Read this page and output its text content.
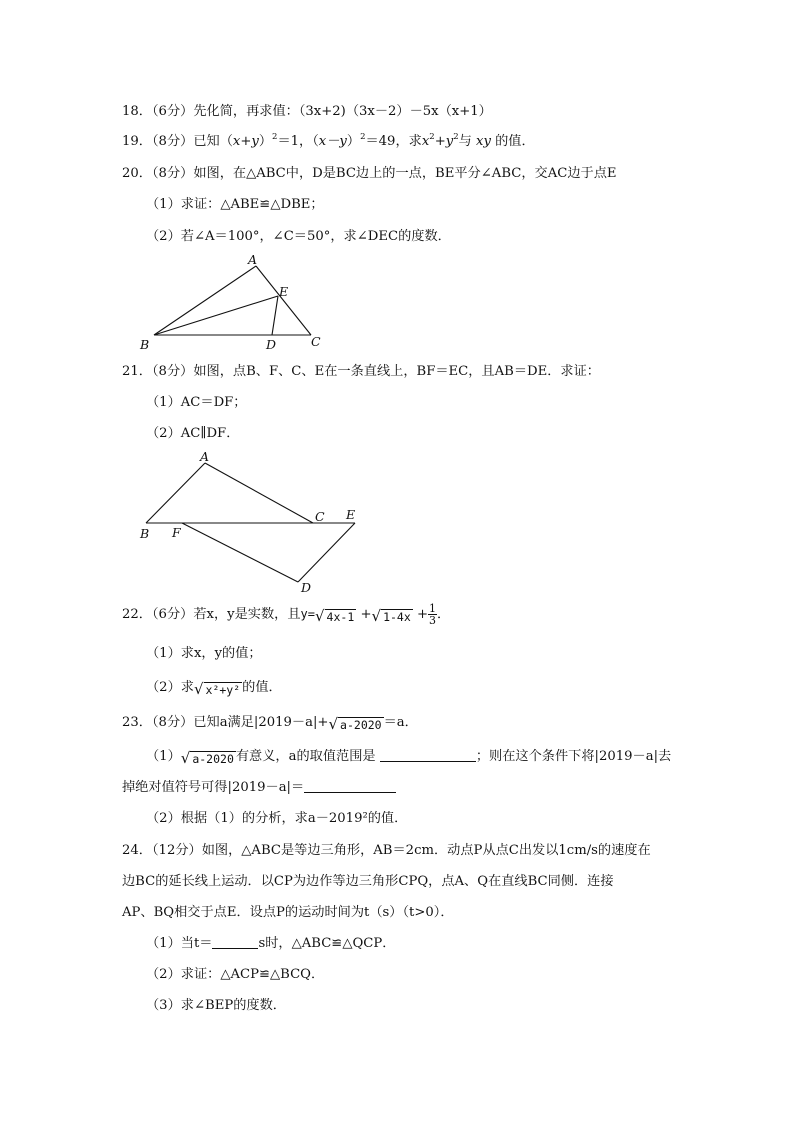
18．（6分）先化简，再求值：（3x+2)（3x－2）－5x（x+1）
19．（8分）已知$(x+y)^2=1$，$(x-y)^2=49$，求$x^2+y^2$与 xy 的值．
20．（8分）如图，在△ABC中，D是BC边上的一点，BE平分∠ABC，交AC边于点E
（1）求证：△ABE≌△DBE；
（2）若∠A＝100°，∠C＝50°，求∠DEC的度数．
A
E
B	D	C
21．（8分）如图，点B、F、C、E在一条直线上，BF＝EC，且AB＝DE．求证：
（1）AC＝DF；
（2）AC∥DF．
A
C E
B F
D
22．（6分）若x，y是实数，且y=√ 4x-1 +√ $1-4x + \frac{1}{3}$ ．
（1）求x，y的值；
（2）求√ x²+y² 的值．
23．（8分）已知a满足|2019－a|+√ a-2020 ＝a．
（1）√ a-2020 有意义，a的取值范围是	；则在这个条件下将|2019－a|去
掉绝对值符号可得|2019－a|＝
（2）根据（1）的分析，求a－2019²的值．
24．（12分）如图，△ABC是等边三角形，AB＝2cm．动点P从点C出发以1cm/s的速度在
边BC的延长线上运动．以CP为边作等边三角形CPQ，点A、Q在直线BC同侧．连接
AP、BQ相交于点E．设点P的运动时间为t（s）（t>0）．
（1）当t＝	s时，△ABC≌△QCP．
（2）求证：△ACP≌△BCQ．
（3）求∠BEP的度数．
